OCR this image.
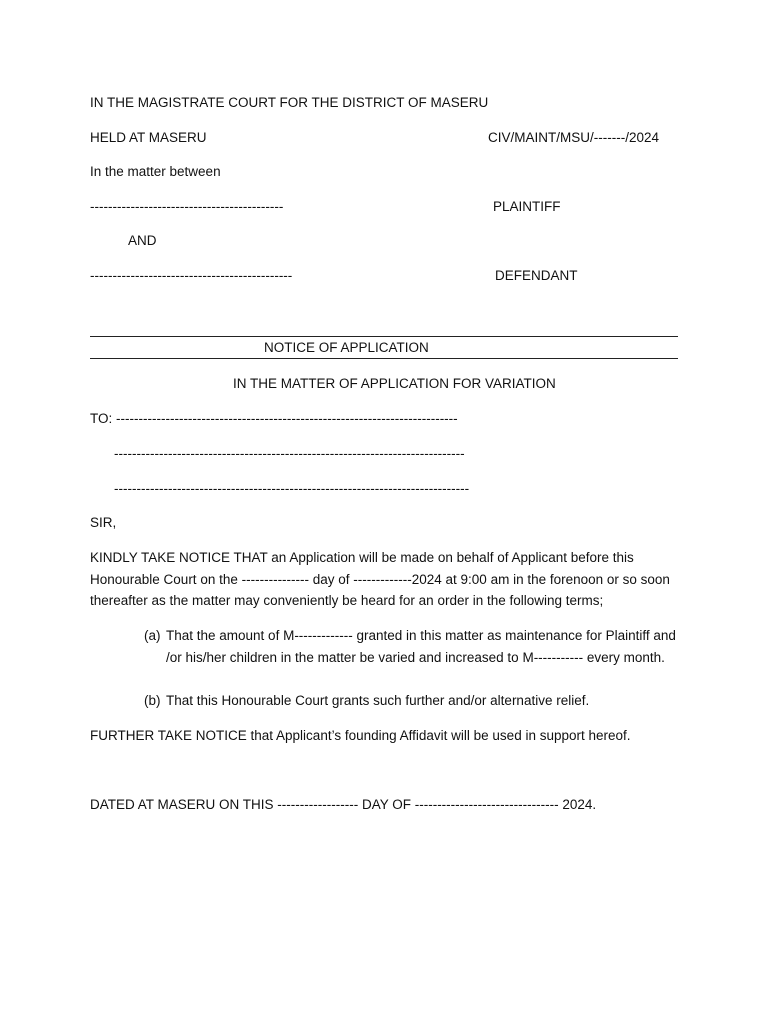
IN THE MAGISTRATE COURT FOR THE DISTRICT OF MASERU
HELD AT MASERU	CIV/MAINT/MSU/-------/2024
In the matter between
-------------------------------------------	PLAINTIFF
AND
---------------------------------------------	DEFENDANT
NOTICE OF APPLICATION
IN THE MATTER OF APPLICATION FOR VARIATION
TO: ----------------------------------------------------------------------------
------------------------------------------------------------------------------
-------------------------------------------------------------------------------
SIR,
KINDLY TAKE NOTICE THAT an Application will be made on behalf of Applicant before this Honourable Court on the --------------- day of -------------2024 at 9:00 am in the forenoon or so soon thereafter as the matter may conveniently be heard for an order in the following terms;
(a) That the amount of M------------- granted in this matter as maintenance for Plaintiff and /or his/her children in the matter be varied and increased to M----------- every month.
(b) That this Honourable Court grants such further and/or alternative relief.
FURTHER TAKE NOTICE that Applicant’s founding Affidavit will be used in support hereof.
DATED AT MASERU ON THIS ------------------ DAY OF -------------------------------- 2024.
